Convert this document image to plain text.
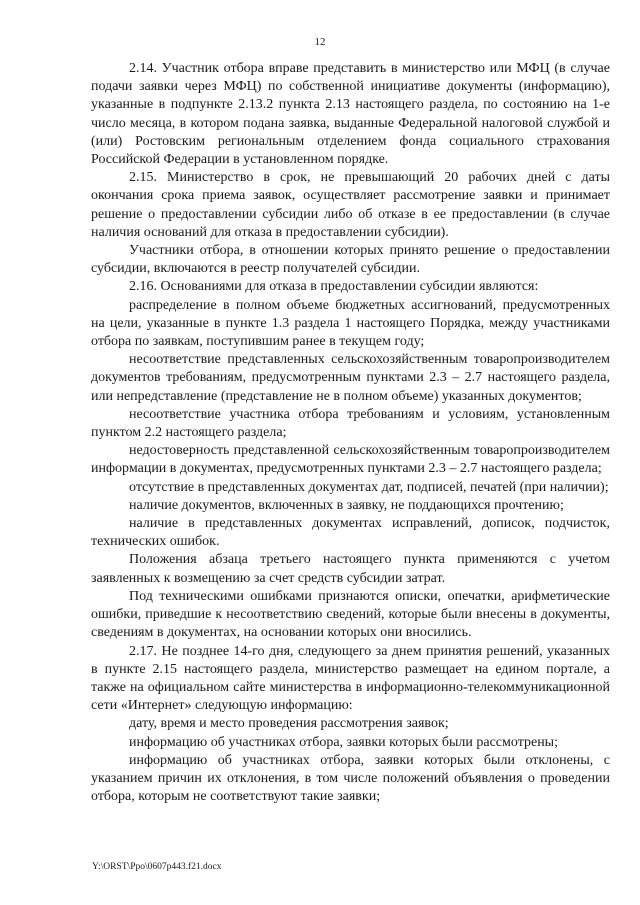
12

2.14. Участник отбора вправе представить в министерство или МФЦ (в случае подачи заявки через МФЦ) по собственной инициативе документы (информацию), указанные в подпункте 2.13.2 пункта 2.13 настоящего раздела, по состоянию на 1-е число месяца, в котором подана заявка, выданные Федеральной налоговой службой и (или) Ростовским региональным отделением фонда социального страхования Российской Федерации в установленном порядке.

2.15. Министерство в срок, не превышающий 20 рабочих дней с даты окончания срока приема заявок, осуществляет рассмотрение заявки и принимает решение о предоставлении субсидии либо об отказе в ее предоставлении (в случае наличия оснований для отказа в предоставлении субсидии).

Участники отбора, в отношении которых принято решение о предоставлении субсидии, включаются в реестр получателей субсидии.

2.16. Основаниями для отказа в предоставлении субсидии являются:

распределение в полном объеме бюджетных ассигнований, предусмотренных на цели, указанные в пункте 1.3 раздела 1 настоящего Порядка, между участниками отбора по заявкам, поступившим ранее в текущем году;

несоответствие представленных сельскохозяйственным товаропроизводителем документов требованиям, предусмотренным пунктами 2.3 – 2.7 настоящего раздела, или непредставление (представление не в полном объеме) указанных документов;

несоответствие участника отбора требованиям и условиям, установленным пунктом 2.2 настоящего раздела;

недостоверность представленной сельскохозяйственным товаропроизводителем информации в документах, предусмотренных пунктами 2.3 – 2.7 настоящего раздела;

отсутствие в представленных документах дат, подписей, печатей (при наличии);

наличие документов, включенных в заявку, не поддающихся прочтению;

наличие в представленных документах исправлений, дописок, подчисток, технических ошибок.

Положения абзаца третьего настоящего пункта применяются с учетом заявленных к возмещению за счет средств субсидии затрат.

Под техническими ошибками признаются описки, опечатки, арифметические ошибки, приведшие к несоответствию сведений, которые были внесены в документы, сведениям в документах, на основании которых они вносились.

2.17. Не позднее 14-го дня, следующего за днем принятия решений, указанных в пункте 2.15 настоящего раздела, министерство размещает на едином портале, а также на официальном сайте министерства в информационно-телекоммуникационной сети «Интернет» следующую информацию:

дату, время и место проведения рассмотрения заявок;

информацию об участниках отбора, заявки которых были рассмотрены;

информацию об участниках отбора, заявки которых были отклонены, с указанием причин их отклонения, в том числе положений объявления о проведении отбора, которым не соответствуют такие заявки;

Y:\ORST\Ppo\0607p443.f21.docx
